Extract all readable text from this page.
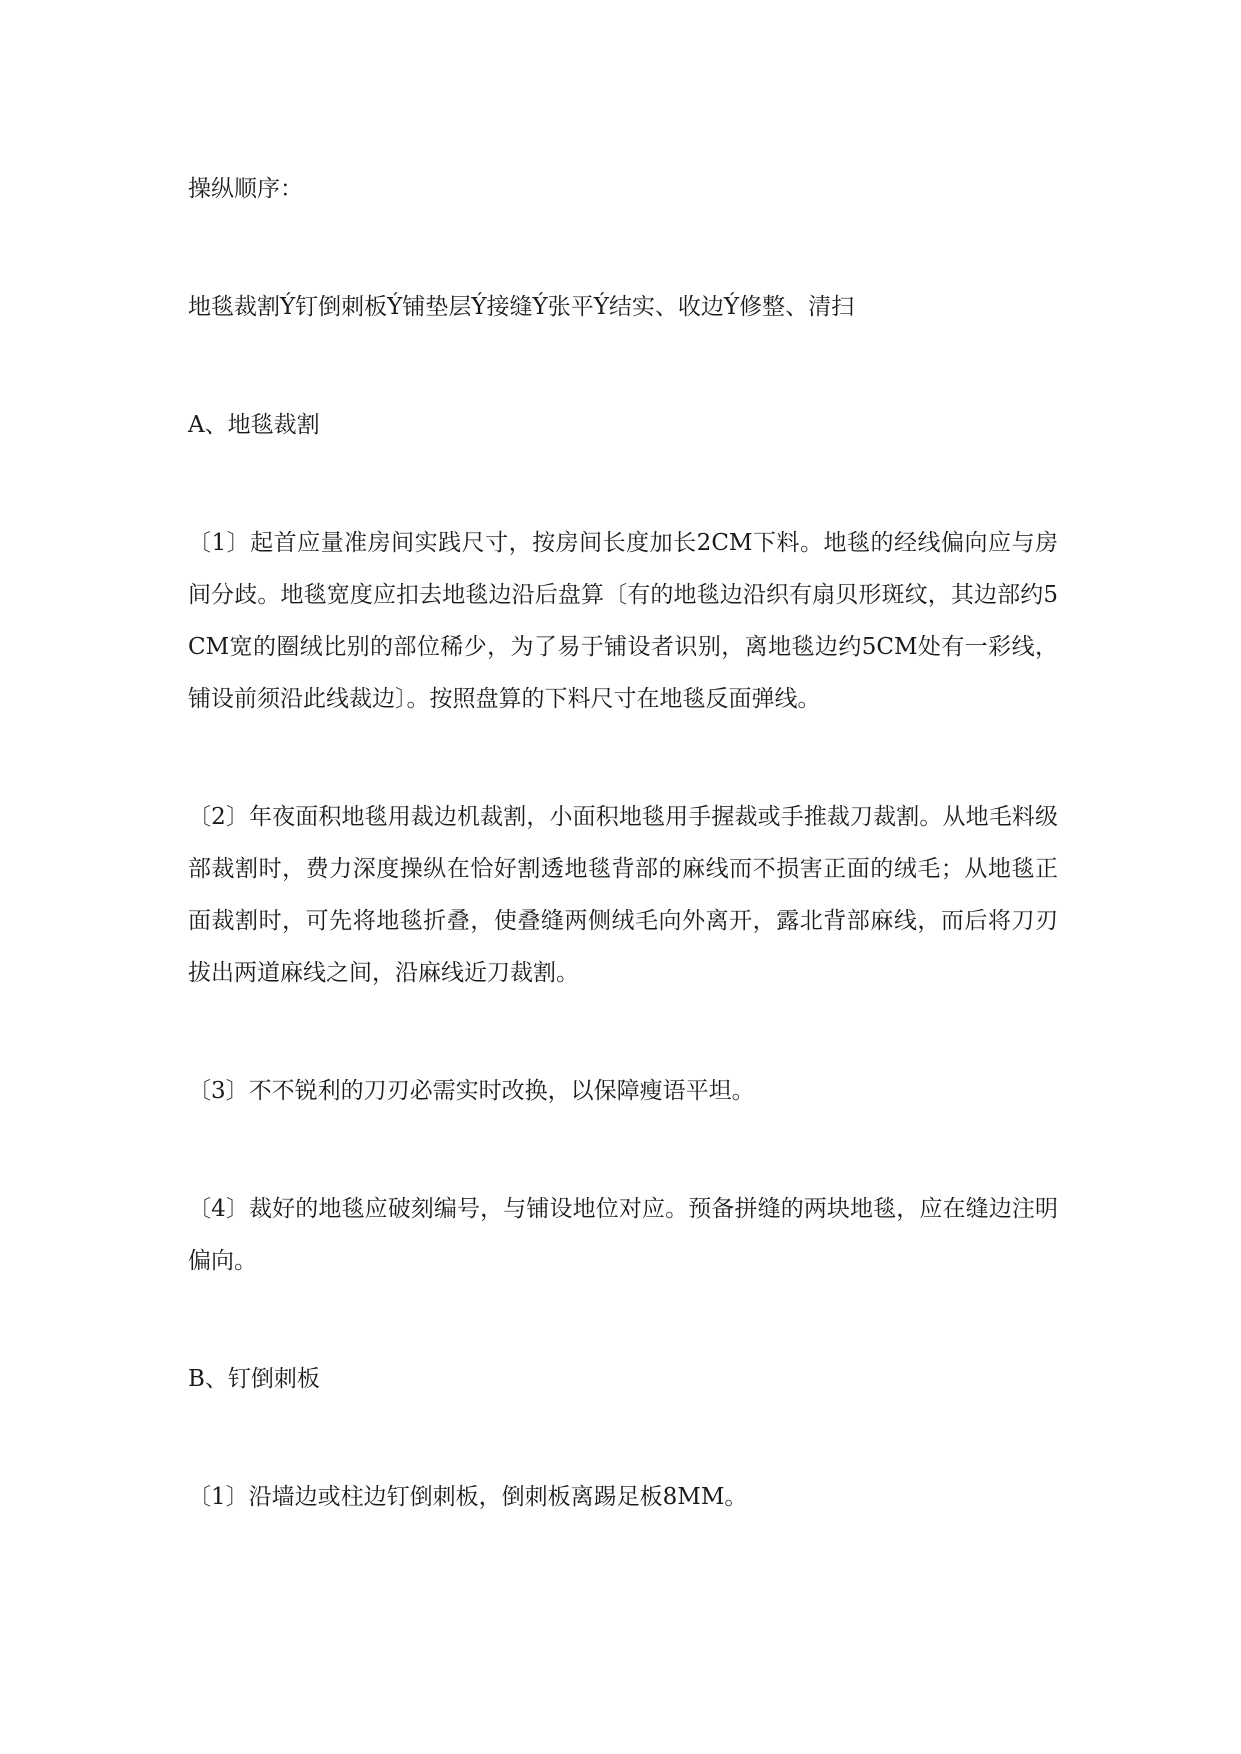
操纵顺序：

地毯裁割Ý钉倒刺板Ý铺垫层Ý接缝Ý张平Ý结实、收边Ý修整、清扫

A、地毯裁割

〔1〕起首应量准房间实践尺寸，按房间长度加长2CM下料。地毯的经线偏向应与房间分歧。地毯宽度应扣去地毯边沿后盘算〔有的地毯边沿织有扇贝形斑纹，其边部约5CM宽的圈绒比别的部位稀少，为了易于铺设者识别，离地毯边约5CM处有一彩线，铺设前须沿此线裁边〕。按照盘算的下料尺寸在地毯反面弹线。

〔2〕年夜面积地毯用裁边机裁割，小面积地毯用手握裁或手推裁刀裁割。从地毛料级部裁割时，费力深度操纵在恰好割透地毯背部的麻线而不损害正面的绒毛；从地毯正面裁割时，可先将地毯折叠，使叠缝两侧绒毛向外离开，露北背部麻线，而后将刀刃拔出两道麻线之间，沿麻线近刀裁割。

〔3〕不不锐利的刀刃必需实时改换，以保障瘦语平坦。

〔4〕裁好的地毯应破刻编号，与铺设地位对应。预备拼缝的两块地毯，应在缝边注明偏向。

B、钉倒刺板

〔1〕沿墙边或柱边钉倒刺板，倒刺板离踢足板8MM。
